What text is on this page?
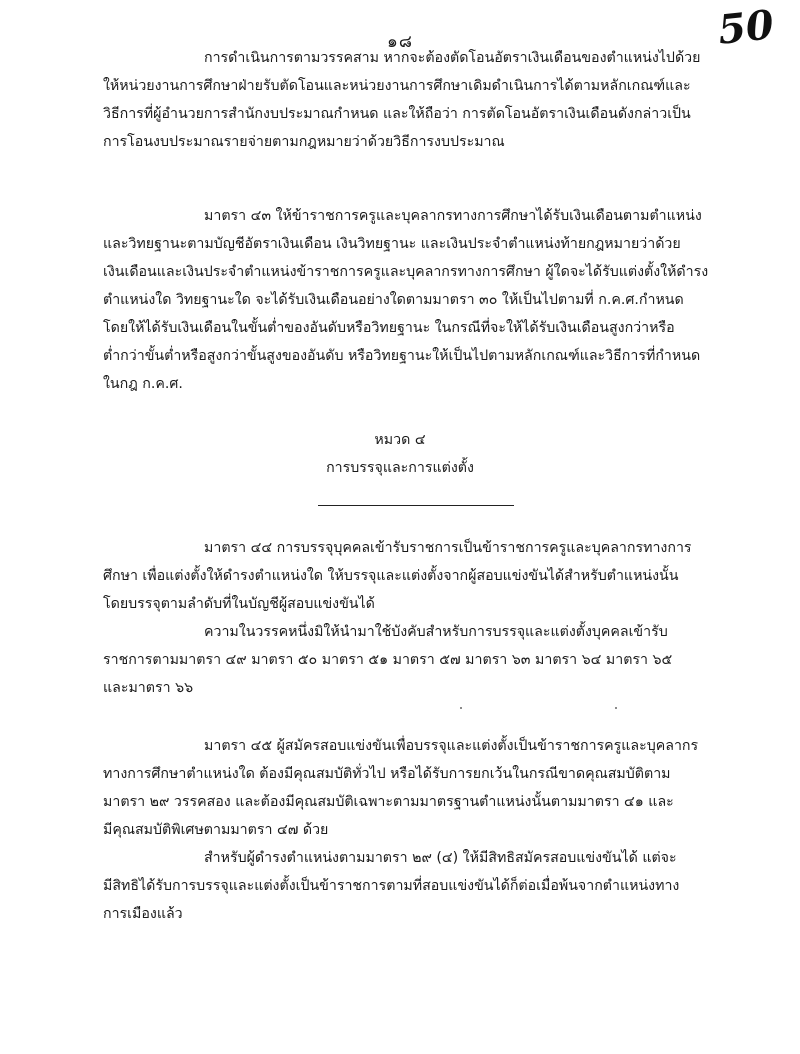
๑๘	50
การดำเนินการตามวรรคสาม หากจะต้องตัดโอนอัตราเงินเดือนของตำแหน่งไปด้วย
ให้หน่วยงานการศึกษาฝ่ายรับตัดโอนและหน่วยงานการศึกษาเดิมดำเนินการได้ตามหลักเกณฑ์และ
วิธีการที่ผู้อำนวยการสำนักงบประมาณกำหนด และให้ถือว่า การตัดโอนอัตราเงินเดือนดังกล่าวเป็น
การโอนงบประมาณรายจ่ายตามกฎหมายว่าด้วยวิธีการงบประมาณ
มาตรา ๔๓ ให้ข้าราชการครูและบุคลากรทางการศึกษาได้รับเงินเดือนตามตำแหน่ง
และวิทยฐานะตามบัญชีอัตราเงินเดือน เงินวิทยฐานะ และเงินประจำตำแหน่งท้ายกฎหมายว่าด้วย
เงินเดือนและเงินประจำตำแหน่งข้าราชการครูและบุคลากรทางการศึกษา ผู้ใดจะได้รับแต่งตั้งให้ดำรง
ตำแหน่งใด วิทยฐานะใด จะได้รับเงินเดือนอย่างใดตามมาตรา ๓๐ ให้เป็นไปตามที่ ก.ค.ศ.กำหนด
โดยให้ได้รับเงินเดือนในขั้นต่ำของอันดับหรือวิทยฐานะ ในกรณีที่จะให้ได้รับเงินเดือนสูงกว่าหรือ
ต่ำกว่าขั้นต่ำหรือสูงกว่าขั้นสูงของอันดับ หรือวิทยฐานะให้เป็นไปตามหลักเกณฑ์และวิธีการที่กำหนด
ในกฎ ก.ค.ศ.
หมวด ๔
การบรรจุและการแต่งตั้ง
มาตรา ๔๔ การบรรจุบุคคลเข้ารับราชการเป็นข้าราชการครูและบุคลากรทางการ
ศึกษา เพื่อแต่งตั้งให้ดำรงตำแหน่งใด ให้บรรจุและแต่งตั้งจากผู้สอบแข่งขันได้สำหรับตำแหน่งนั้น
โดยบรรจุตามลำดับที่ในบัญชีผู้สอบแข่งขันได้
ความในวรรคหนึ่งมิให้นำมาใช้บังคับสำหรับการบรรจุและแต่งตั้งบุคคลเข้ารับ
ราชการตามมาตรา ๔๙ มาตรา ๕๐ มาตรา ๕๑ มาตรา ๕๗ มาตรา ๖๓ มาตรา ๖๔ มาตรา ๖๕
และมาตรา ๖๖
มาตรา ๔๕ ผู้สมัครสอบแข่งขันเพื่อบรรจุและแต่งตั้งเป็นข้าราชการครูและบุคลากร
ทางการศึกษาตำแหน่งใด ต้องมีคุณสมบัติทั่วไป หรือได้รับการยกเว้นในกรณีขาดคุณสมบัติตาม
มาตรา ๒๙ วรรคสอง และต้องมีคุณสมบัติเฉพาะตามมาตรฐานตำแหน่งนั้นตามมาตรา ๔๑ และ
มีคุณสมบัติพิเศษตามมาตรา ๔๗ ด้วย
สำหรับผู้ดำรงตำแหน่งตามมาตรา ๒๙ (๔) ให้มีสิทธิสมัครสอบแข่งขันได้ แต่จะ
มีสิทธิได้รับการบรรจุและแต่งตั้งเป็นข้าราชการตามที่สอบแข่งขันได้ก็ต่อเมื่อพ้นจากตำแหน่งทาง
การเมืองแล้ว
